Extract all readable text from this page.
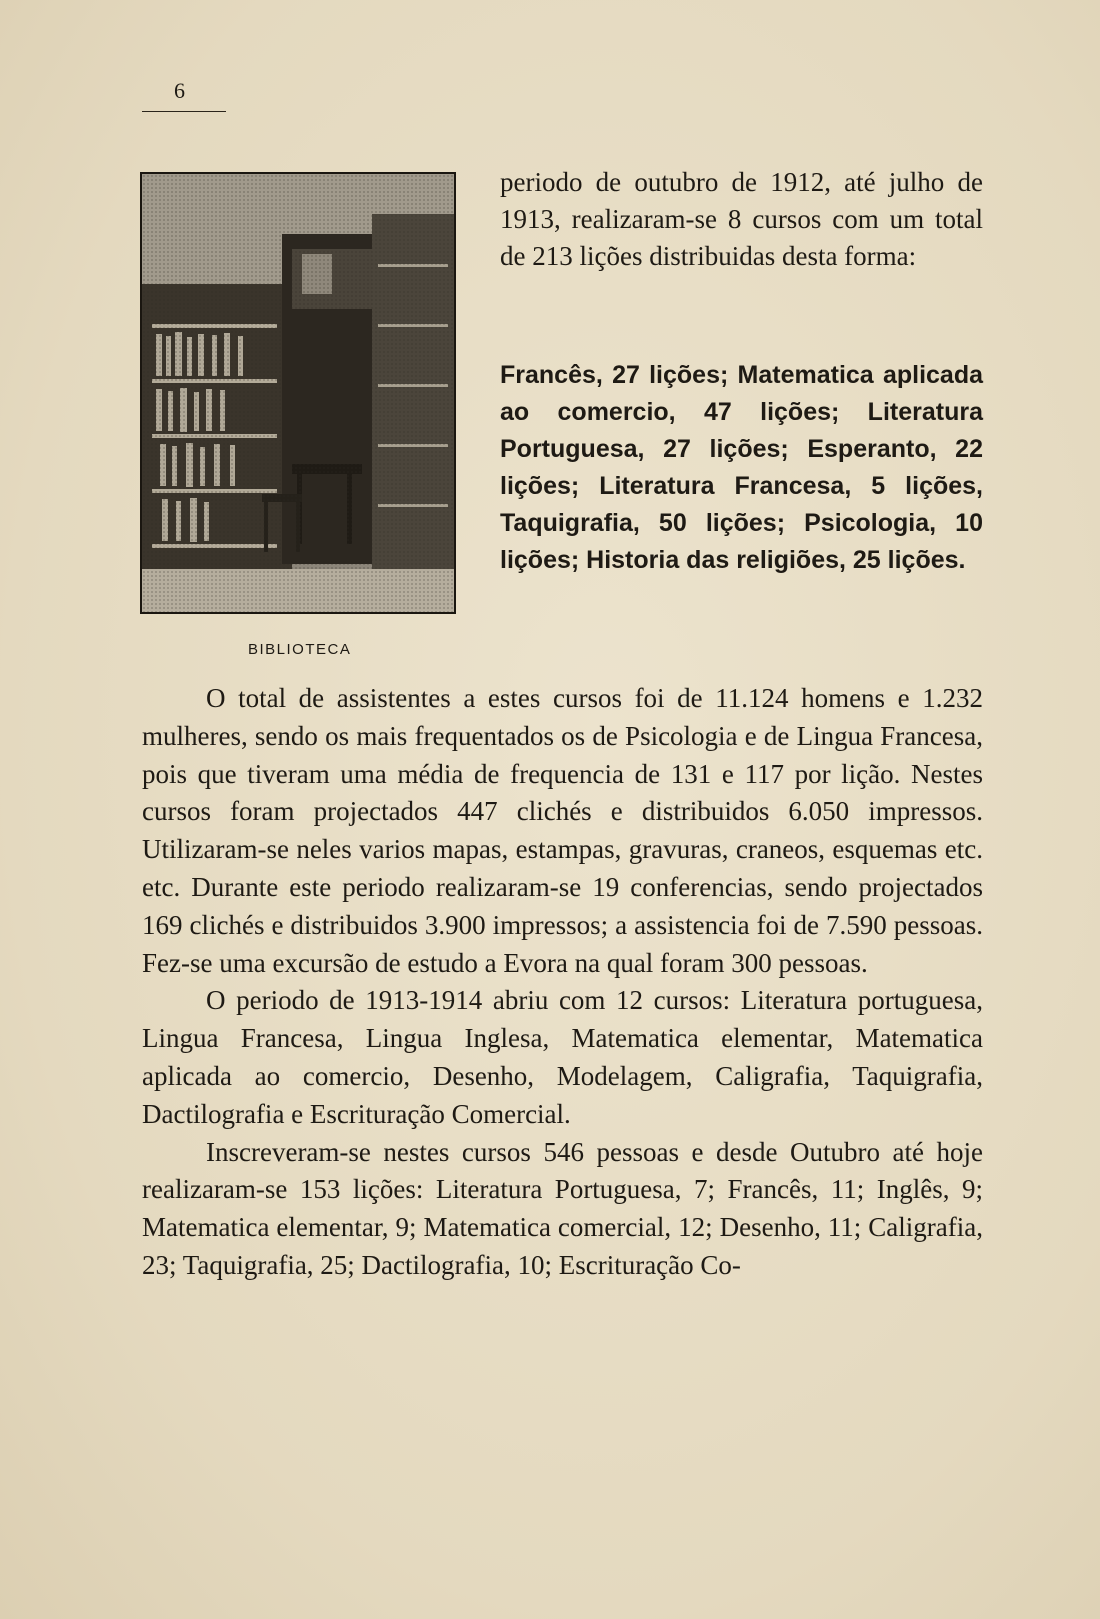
6
BIBLIOTECA
periodo de outubro de 1912, até julho de 1913, realizaram-se 8 cursos com um total de 213 lições distribuidas desta forma:
Francês, 27 lições; Matematica aplicada ao comercio, 47 lições; Literatura Portuguesa, 27 lições; Esperanto, 22 lições; Literatura Francesa, 5 lições, Taquigrafia, 50 lições; Psicologia, 10 lições; Historia das religiões, 25 lições.

O total de assistentes a estes cursos foi de 11.124 homens e 1.232 mulheres, sendo os mais frequentados os de Psicologia e de Lingua Francesa, pois que tiveram uma média de frequencia de 131 e 117 por lição. Nestes cursos foram projectados 447 clichés e distribuidos 6.050 impressos. Utilizaram-se neles varios mapas, estampas, gravuras, craneos, esquemas etc. etc. Durante este periodo realizaram-se 19 conferencias, sendo projectados 169 clichés e distribuidos 3.900 impressos; a assistencia foi de 7.590 pessoas. Fez-se uma excursão de estudo a Evora na qual foram 300 pessoas.

O periodo de 1913-1914 abriu com 12 cursos: Literatura portuguesa, Lingua Francesa, Lingua Inglesa, Matematica elementar, Matematica aplicada ao comercio, Desenho, Modelagem, Caligrafia, Taquigrafia, Dactilografia e Escrituração Comercial.

Inscreveram-se nestes cursos 546 pessoas e desde Outubro até hoje realizaram-se 153 lições: Literatura Portuguesa, 7; Francês, 11; Inglês, 9; Matematica elementar, 9; Matematica comercial, 12; Desenho, 11; Caligrafia, 23; Taquigrafia, 25; Dactilografia, 10; Escrituração Co-
